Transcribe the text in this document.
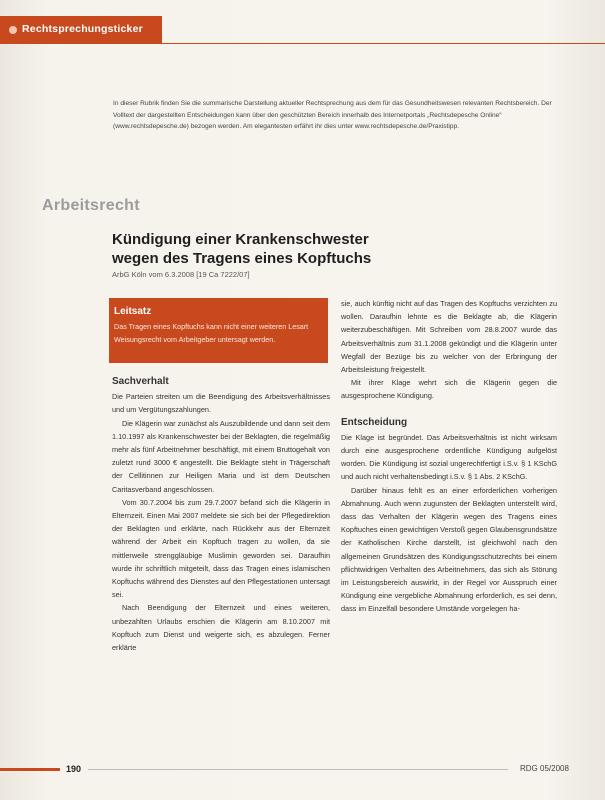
Rechtsprechungsticker
In dieser Rubrik finden Sie die summarische Darstellung aktueller Rechtsprechung aus dem für das Gesundheitswesen relevanten Rechtsbereich. Der Volltext der dargestellten Entscheidungen kann über den geschützten Bereich innerhalb des Internetportals „Rechtsdepesche Online“ (www.rechtsdepesche.de) bezogen werden. Am elegantesten erfährt ihr dies unter www.rechtsdepesche.de/Praxistipp.
Arbeitsrecht
Kündigung einer Krankenschwester
wegen des Tragens eines Kopftuchs
ArbG Köln vom 6.3.2008 [19 Ca 7222/07]
Leitsatz
Das Tragen eines Kopftuchs kann nicht einer weiteren Lesart Weisungsrecht vom Arbeitgeber untersagt werden.
Sachverhalt

Die Parteien streiten um die Beendigung des Arbeitsverhältnisses und um Vergütungszahlungen.

Die Klägerin war zunächst als Auszubildende und dann seit dem 1.10.1997 als Krankenschwester bei der Beklagten, die regelmäßig mehr als fünf Arbeitnehmer beschäftigt, mit einem Bruttogehalt von zuletzt rund 3000 € angestellt. Die Beklagte steht in Trägerschaft der Cellitinnen zur Heiligen Maria und ist dem Deutschen Caritasverband angeschlossen.

Vom 30.7.2004 bis zum 29.7.2007 befand sich die Klägerin in Elternzeit. Einen Mai 2007 meldete sie sich bei der Pflegedirektion der Beklagten und erklärte, nach Rückkehr aus der Elternzeit während der Arbeit ein Kopftuch tragen zu wollen, da sie mittlerweile strenggläubige Muslimin geworden sei. Daraufhin wurde ihr schriftlich mitgeteilt, dass das Tragen eines islamischen Kopftuchs während des Dienstes auf den Pflegestationen untersagt sei.

Nach Beendigung der Elternzeit und eines weiteren, unbezahlten Urlaubs erschien die Klägerin am 8.10.2007 mit Kopftuch zum Dienst und weigerte sich, es abzulegen. Ferner erklärte

sie, auch künftig nicht auf das Tragen des Kopftuchs verzichten zu wollen. Daraufhin lehnte es die Beklagte ab, die Klägerin weiterzubeschäftigen. Mit Schreiben vom 28.8.2007 wurde das Arbeitsverhältnis zum 31.1.2008 gekündigt und die Klägerin unter Wegfall der Bezüge bis zu welcher von der Erbringung der Arbeitsleistung freigestellt.

Mit ihrer Klage wehrt sich die Klägerin gegen die ausgesprochene Kündigung.

Entscheidung

Die Klage ist begründet. Das Arbeitsverhältnis ist nicht wirksam durch eine ausgesprochene ordentliche Kündigung aufgelöst worden. Die Kündigung ist sozial ungerechtfertigt i.S.v. § 1 KSchG und auch nicht verhaltensbedingt i.S.v. § 1 Abs. 2 KSchG.

Darüber hinaus fehlt es an einer erforderlichen vorherigen Abmahnung. Auch wenn zugunsten der Beklagten unterstellt wird, dass das Verhalten der Klägerin wegen des Tragens eines Kopftuches einen gewichtigen Verstoß gegen Glaubensgrundsätze der Katholischen Kirche darstellt, ist gleichwohl nach den allgemeinen Grundsätzen des Kündigungsschutzrechts bei einem pflichtwidrigen Verhalten des Arbeitnehmers, das sich als Störung im Leistungsbereich auswirkt, in der Regel vor Ausspruch einer Kündigung eine vergebliche Abmahnung erforderlich, es sei denn, dass im Einzelfall besondere Umstände vorgelegen ha-

190	RDG 05/2008
